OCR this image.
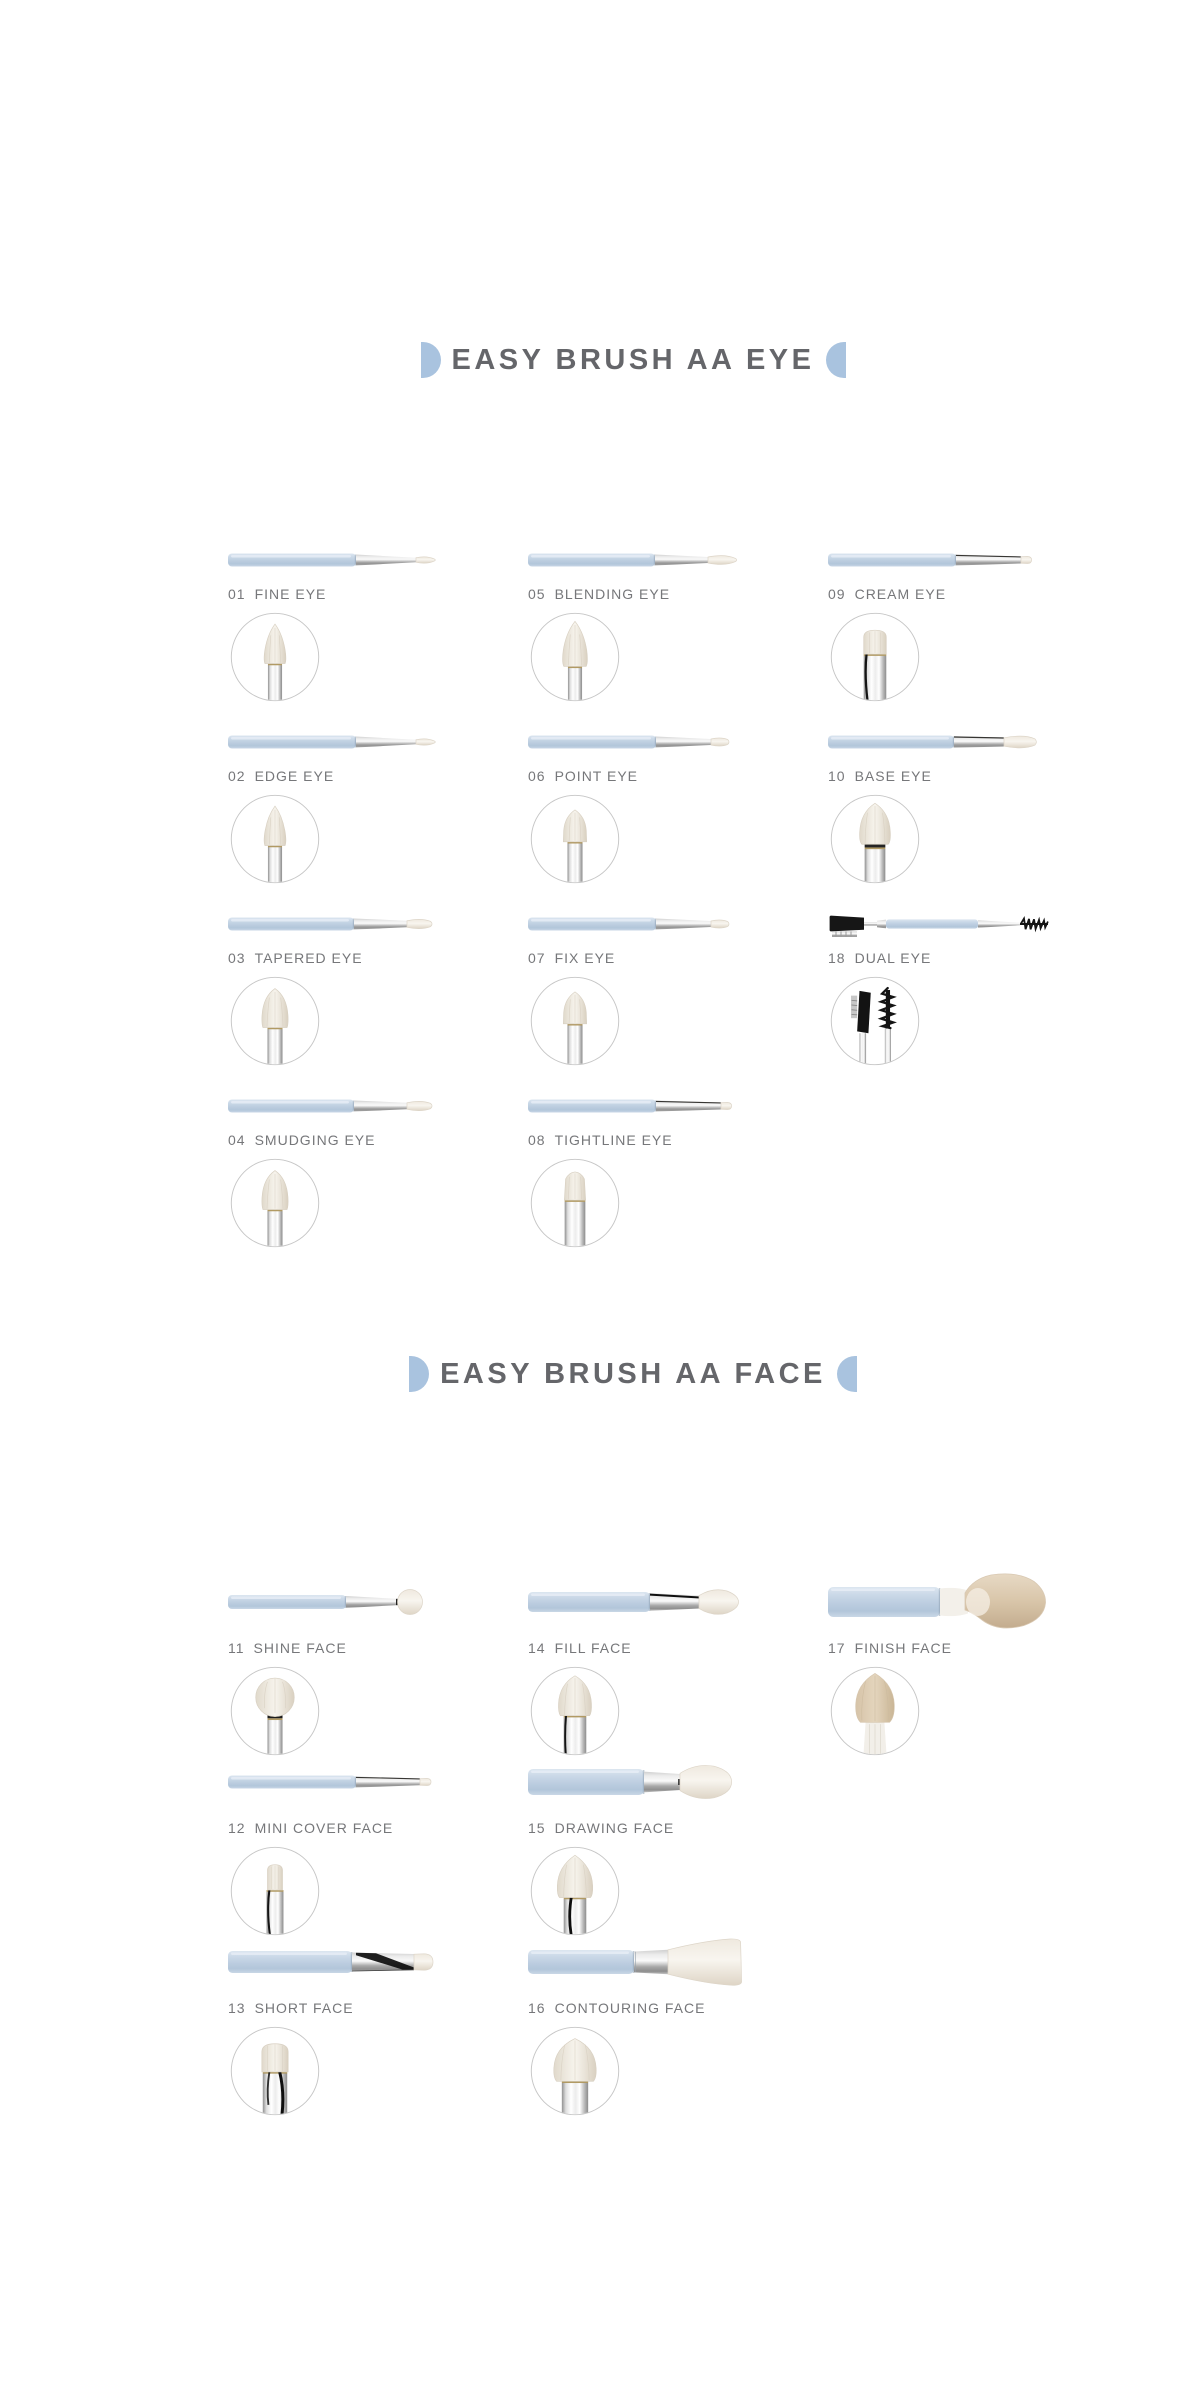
EASY BRUSH AA EYE
01 FINE EYE
02 EDGE EYE
03 TAPERED EYE
04 SMUDGING EYE
05 BLENDING EYE
06 POINT EYE
07 FIX EYE
08 TIGHTLINE EYE
09 CREAM EYE
10 BASE EYE
18 DUAL EYE
EASY BRUSH AA FACE
11 SHINE FACE
12 MINI COVER FACE
13 SHORT FACE
14 FILL FACE
15 DRAWING FACE
16 CONTOURING FACE
17 FINISH FACE
